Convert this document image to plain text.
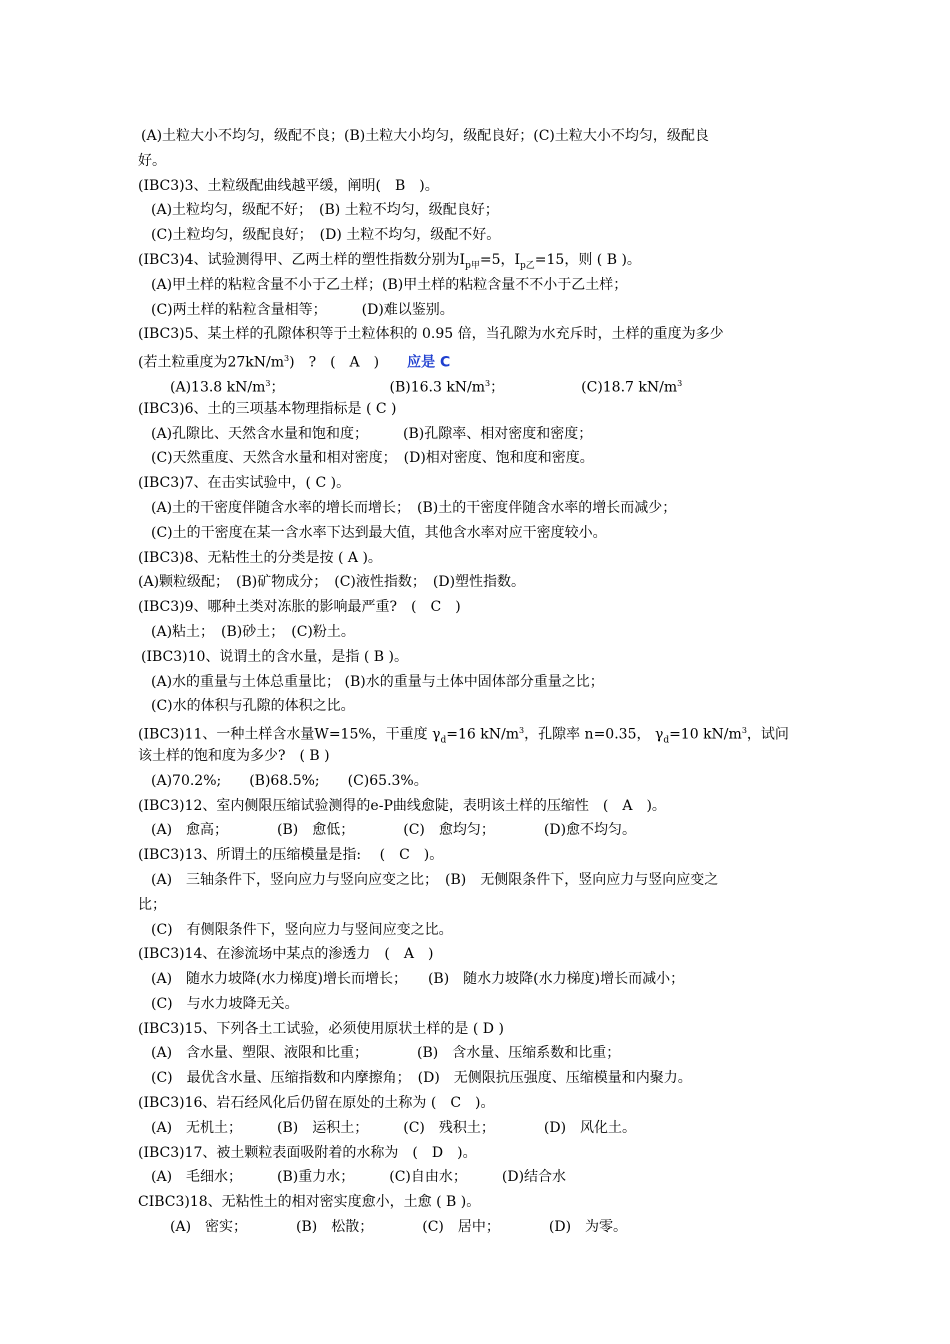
(A)土粒大小不均匀，级配不良；(B)土粒大小均匀，级配良好；(C)土粒大小不均匀，级配良
好。
(IBC3)3、土粒级配曲线越平缓，阐明(　B　)。
(A)土粒均匀，级配不好；　(B) 土粒不均匀，级配良好；
(C)土粒均匀，级配良好；　(D) 土粒不均匀，级配不好。
(IBC3)4、试验测得甲、乙两土样的塑性指数分别为$I_{p甲}=5$，$I_{p乙}=15$，则 ( B )。
(A)甲土样的粘粒含量不小于乙土样；(B)甲土样的粘粒含量不不小于乙土样；
(C)两土样的粘粒含量相等；　　　(D)难以鉴别。
(IBC3)5、某土样的孔隙体积等于土粒体积的 0.95 倍，当孔隙为水充斥时，土样的重度为多少
(若土粒重度为$27kN/m^3$)　?　(　A　)　　 应是 C
(A)13.8 $kN/m^3$；　　　　　　　　	(B)16.3 $kN/m^3$；　　　　　　	(C)18.7 $kN/m^3$
(IBC3)6、土的三项基本物理指标是 ( C )
(A)孔隙比、天然含水量和饱和度；　　　(B)孔隙率、相对密度和密度；
(C)天然重度、天然含水量和相对密度；　(D)相对密度、饱和度和密度。
(IBC3)7、在击实试验中，( C )。
(A)土的干密度伴随含水率的增长而增长；　(B)土的干密度伴随含水率的增长而减少；
(C)土的干密度在某一含水率下达到最大值，其他含水率对应干密度较小。
(IBC3)8、无粘性土的分类是按 ( A )。
(A)颗粒级配；　(B)矿物成分；　(C)液性指数；　(D)塑性指数。
(IBC3)9、哪种土类对冻胀的影响最严重?　(　C　)
(A)粘土；　(B)砂土；　(C)粉土。
(IBC3)10、说谓土的含水量，是指 ( B )。
(A)水的重量与土体总重量比； (B)水的重量与土体中固体部分重量之比；
(C)水的体积与孔隙的体积之比。
(IBC3)11、一种土样含水量W=15%，干重度 $\gamma_d=16$ $kN/m^3$，孔隙率 n=0.35， $\gamma_d=10$ $kN/m^3$，试问
该土样的饱和度为多少?　( B )
(A)70.2%;　　(B)68.5%;　　(C)65.3%。
(IBC3)12、室内侧限压缩试验测得的e-P曲线愈陡，表明该土样的压缩性　(　A　)。
(A)　愈高；　　　　(B)　愈低；　　　　(C)　愈均匀；　　　　(D)愈不均匀。
(IBC3)13、所谓土的压缩模量是指: 　(　C　)。
(A)　三轴条件下，竖向应力与竖向应变之比；　(B)　无侧限条件下，竖向应力与竖向应变之
比；
(C)　有侧限条件下，竖向应力与竖间应变之比。
(IBC3)14、在渗流场中某点的渗透力　(　A　)
(A)　随水力坡降(水力梯度)增长而增长；　　(B)　随水力坡降(水力梯度)增长而减小；
(C)　与水力坡降无关。
(IBC3)15、下列各土工试验，必须使用原状土样的是 ( D )
(A)　含水量、塑限、液限和比重；　　　　(B)　含水量、压缩系数和比重；
(C)　最优含水量、压缩指数和内摩擦角；　(D)　无侧限抗压强度、压缩模量和内聚力。
(IBC3)16、岩石经风化后仍留在原处的土称为 (　C　)。
(A)　无机土；　　　(B)　运积土；　　　(C)　残积土；　　　　(D)　风化土。
(IBC3)17、被土颗粒表面吸附着的水称为　(　D　)。
(A)　毛细水；　　　(B)重力水；　　　(C)自由水；　　　(D)结合水
CIBC3)18、无粘性土的相对密实度愈小，土愈 ( B )。
(A)　密实；　　　　(B)　松散；　　　　(C)　居中；　　　　(D)　为零。
